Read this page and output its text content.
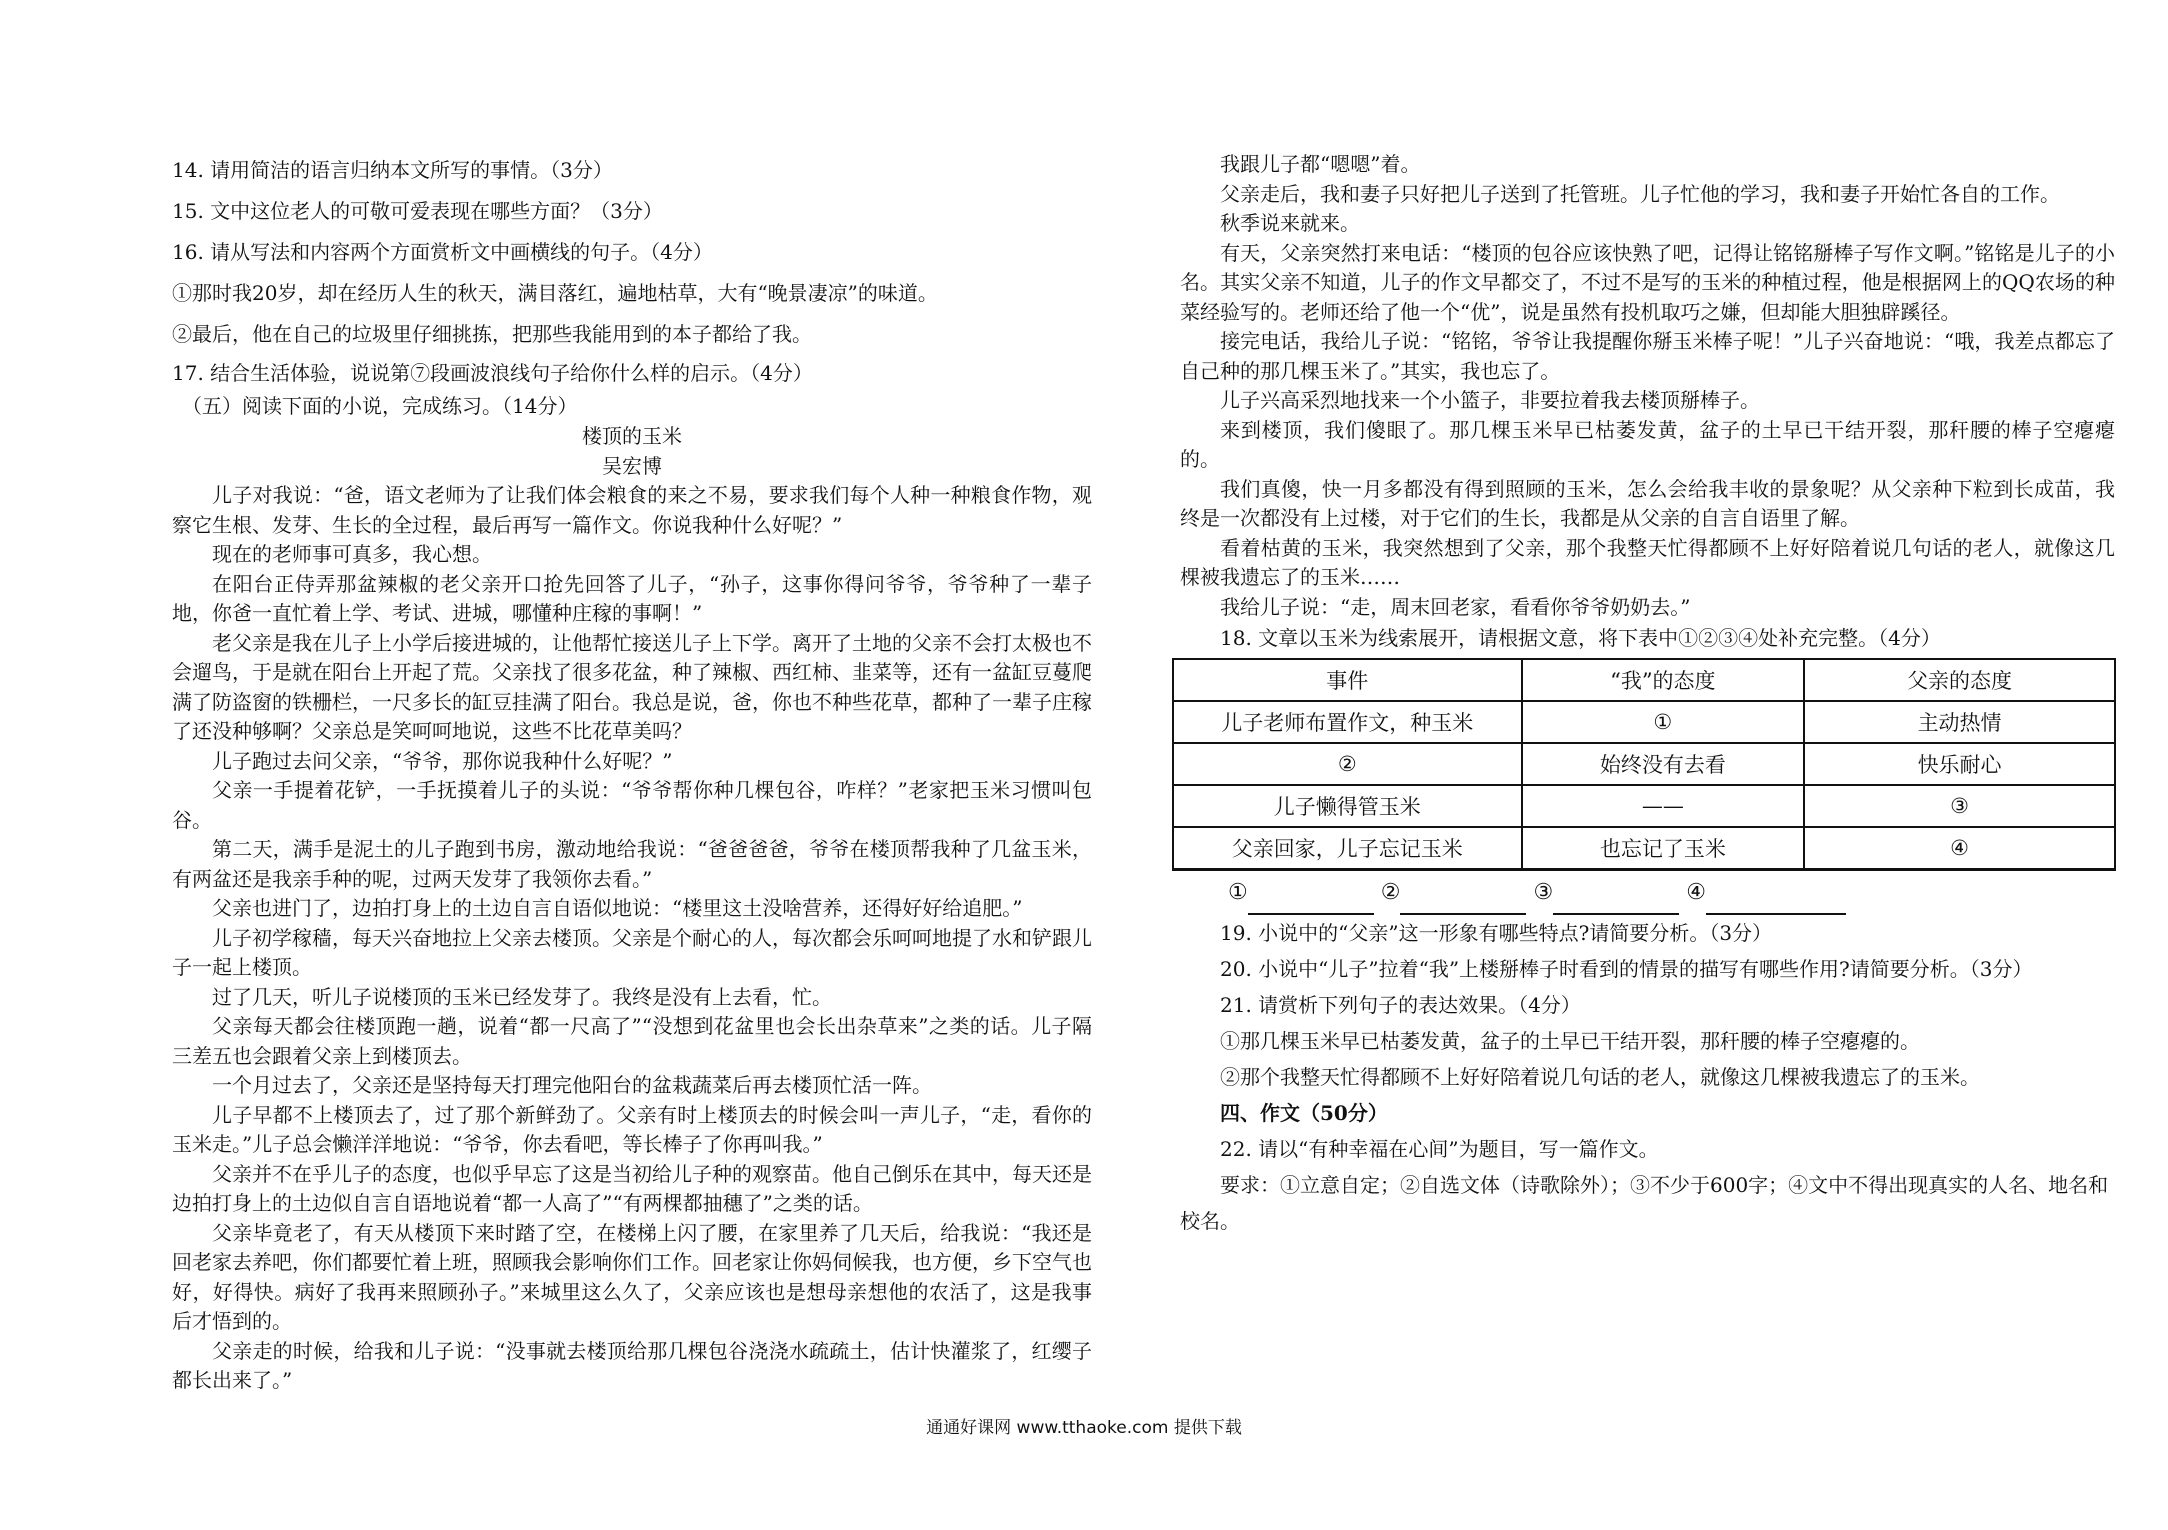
14. 请用简洁的语言归纳本文所写的事情。（3分）

15. 文中这位老人的可敬可爱表现在哪些方面？（3分）

16. 请从写法和内容两个方面赏析文中画横线的句子。（4分）

①那时我20岁，却在经历人生的秋天，满目落红，遍地枯草，大有“晚景凄凉”的味道。

②最后，他在自己的垃圾里仔细挑拣，把那些我能用到的本子都给了我。

17. 结合生活体验，说说第⑦段画波浪线句子给你什么样的启示。（4分）

（五）阅读下面的小说，完成练习。（14分）

楼顶的玉米

吴宏博

儿子对我说：“爸，语文老师为了让我们体会粮食的来之不易，要求我们每个人种一种粮食作物，观察它生根、发芽、生长的全过程，最后再写一篇作文。你说我种什么好呢？”

现在的老师事可真多，我心想。

在阳台正侍弄那盆辣椒的老父亲开口抢先回答了儿子，“孙子，这事你得问爷爷，爷爷种了一辈子地，你爸一直忙着上学、考试、进城，哪懂种庄稼的事啊！”

老父亲是我在儿子上小学后接进城的，让他帮忙接送儿子上下学。离开了土地的父亲不会打太极也不会遛鸟，于是就在阳台上开起了荒。父亲找了很多花盆，种了辣椒、西红柿、韭菜等，还有一盆缸豆蔓爬满了防盗窗的铁栅栏，一尺多长的缸豆挂满了阳台。我总是说，爸，你也不种些花草，都种了一辈子庄稼了还没种够啊？父亲总是笑呵呵地说，这些不比花草美吗？

儿子跑过去问父亲，“爷爷，那你说我种什么好呢？”

父亲一手提着花铲，一手抚摸着儿子的头说：“爷爷帮你种几棵包谷，咋样？”老家把玉米习惯叫包谷。

第二天，满手是泥土的儿子跑到书房，激动地给我说：“爸爸爸爸，爷爷在楼顶帮我种了几盆玉米，有两盆还是我亲手种的呢，过两天发芽了我领你去看。”

父亲也进门了，边拍打身上的土边自言自语似地说：“楼里这土没啥营养，还得好好给追肥。”

儿子初学稼穑，每天兴奋地拉上父亲去楼顶。父亲是个耐心的人，每次都会乐呵呵地提了水和铲跟儿子一起上楼顶。

过了几天，听儿子说楼顶的玉米已经发芽了。我终是没有上去看，忙。

父亲每天都会往楼顶跑一趟，说着“都一尺高了”“没想到花盆里也会长出杂草来”之类的话。儿子隔三差五也会跟着父亲上到楼顶去。

一个月过去了，父亲还是坚持每天打理完他阳台的盆栽蔬菜后再去楼顶忙活一阵。

儿子早都不上楼顶去了，过了那个新鲜劲了。父亲有时上楼顶去的时候会叫一声儿子，“走，看你的玉米走。”儿子总会懒洋洋地说：“爷爷，你去看吧，等长棒子了你再叫我。”

父亲并不在乎儿子的态度，也似乎早忘了这是当初给儿子种的观察苗。他自己倒乐在其中，每天还是边拍打身上的土边似自言自语地说着“都一人高了”“有两棵都抽穗了”之类的话。

父亲毕竟老了，有天从楼顶下来时踏了空，在楼梯上闪了腰，在家里养了几天后，给我说：“我还是回老家去养吧，你们都要忙着上班，照顾我会影响你们工作。回老家让你妈伺候我，也方便，乡下空气也好，好得快。病好了我再来照顾孙子。”来城里这么久了，父亲应该也是想母亲想他的农活了，这是我事后才悟到的。

父亲走的时候，给我和儿子说：“没事就去楼顶给那几棵包谷浇浇水疏疏土，估计快灌浆了，红缨子都长出来了。”

我跟儿子都“嗯嗯”着。

父亲走后，我和妻子只好把儿子送到了托管班。儿子忙他的学习，我和妻子开始忙各自的工作。

秋季说来就来。

有天，父亲突然打来电话：“楼顶的包谷应该快熟了吧，记得让铭铭掰棒子写作文啊。”铭铭是儿子的小名。其实父亲不知道，儿子的作文早都交了，不过不是写的玉米的种植过程，他是根据网上的QQ农场的种菜经验写的。老师还给了他一个“优”，说是虽然有投机取巧之嫌，但却能大胆独辟蹊径。

接完电话，我给儿子说：“铭铭，爷爷让我提醒你掰玉米棒子呢！”儿子兴奋地说：“哦，我差点都忘了自己种的那几棵玉米了。”其实，我也忘了。

儿子兴高采烈地找来一个小篮子，非要拉着我去楼顶掰棒子。

来到楼顶，我们傻眼了。那几棵玉米早已枯萎发黄，盆子的土早已干结开裂，那秆腰的棒子空瘪瘪的。

我们真傻，快一月多都没有得到照顾的玉米，怎么会给我丰收的景象呢？从父亲种下粒到长成苗，我终是一次都没有上过楼，对于它们的生长，我都是从父亲的自言自语里了解。

看着枯黄的玉米，我突然想到了父亲，那个我整天忙得都顾不上好好陪着说几句话的老人，就像这几棵被我遗忘了的玉米……

我给儿子说：“走，周末回老家，看看你爷爷奶奶去。”

18. 文章以玉米为线索展开，请根据文意，将下表中①②③④处补充完整。（4分）

事件	“我”的态度	父亲的态度
儿子老师布置作文，种玉米	①	主动热情
②	始终没有去看	快乐耐心
儿子懒得管玉米	——	③
父亲回家，儿子忘记玉米	也忘记了玉米	④
①	②	③	④

19. 小说中的“父亲”这一形象有哪些特点?请简要分析。（3分）

20. 小说中“儿子”拉着“我”上楼掰棒子时看到的情景的描写有哪些作用?请简要分析。（3分）

21. 请赏析下列句子的表达效果。（4分）

①那几棵玉米早已枯萎发黄，盆子的土早已干结开裂，那秆腰的棒子空瘪瘪的。

②那个我整天忙得都顾不上好好陪着说几句话的老人，就像这几棵被我遗忘了的玉米。

四、作文（50分）

22. 请以“有种幸福在心间”为题目，写一篇作文。

要求：①立意自定；②自选文体（诗歌除外）；③不少于600字；④文中不得出现真实的人名、地名和校名。

通通好课网 www.tthaoke.com 提供下载
